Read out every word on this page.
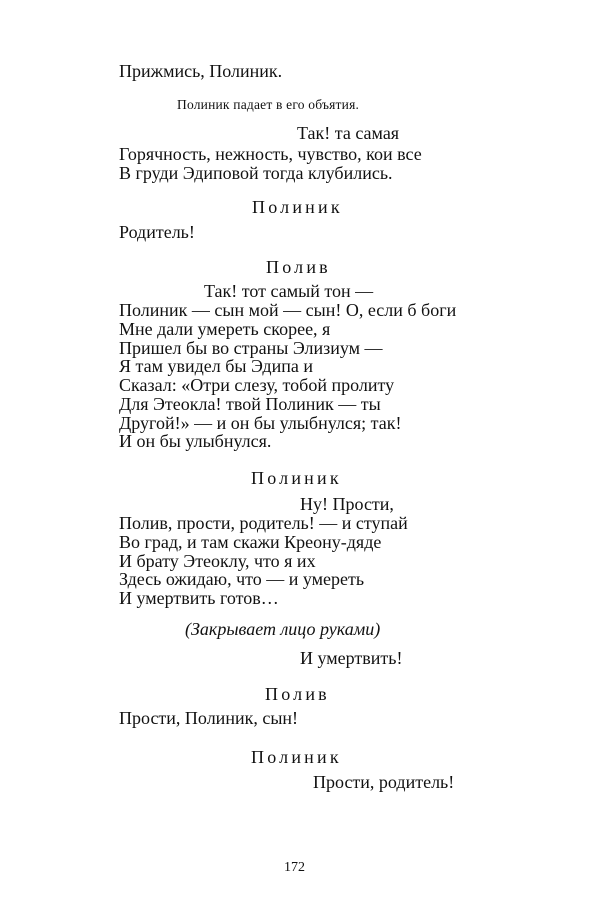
Прижмись, Полиник.
Полиник падает в его объятия.
Так! та самая
Горячность, нежность, чувство, кои все
В груди Эдиповой тогда клубились.
Полиник
Родитель!
Полив
Так! тот самый тон —
Полиник — сын мой — сын! О, если б боги
Мне дали умереть скорее, я
Пришел бы во страны Элизиум —
Я там увидел бы Эдипа и
Сказал: «Отри слезу, тобой пролиту
Для Этеокла! твой Полиник — ты
Другой!» — и он бы улыбнулся; так!
И он бы улыбнулся.
Полиник
Ну! Прости,
Полив, прости, родитель! — и ступай
Во град, и там скажи Креону-дяде
И брату Этеоклу, что я их
Здесь ожидаю, что — и умереть
И умертвить готов…
(Закрывает лицо руками)
И умертвить!
Полив
Прости, Полиник, сын!
Полиник
Прости, родитель!
172
